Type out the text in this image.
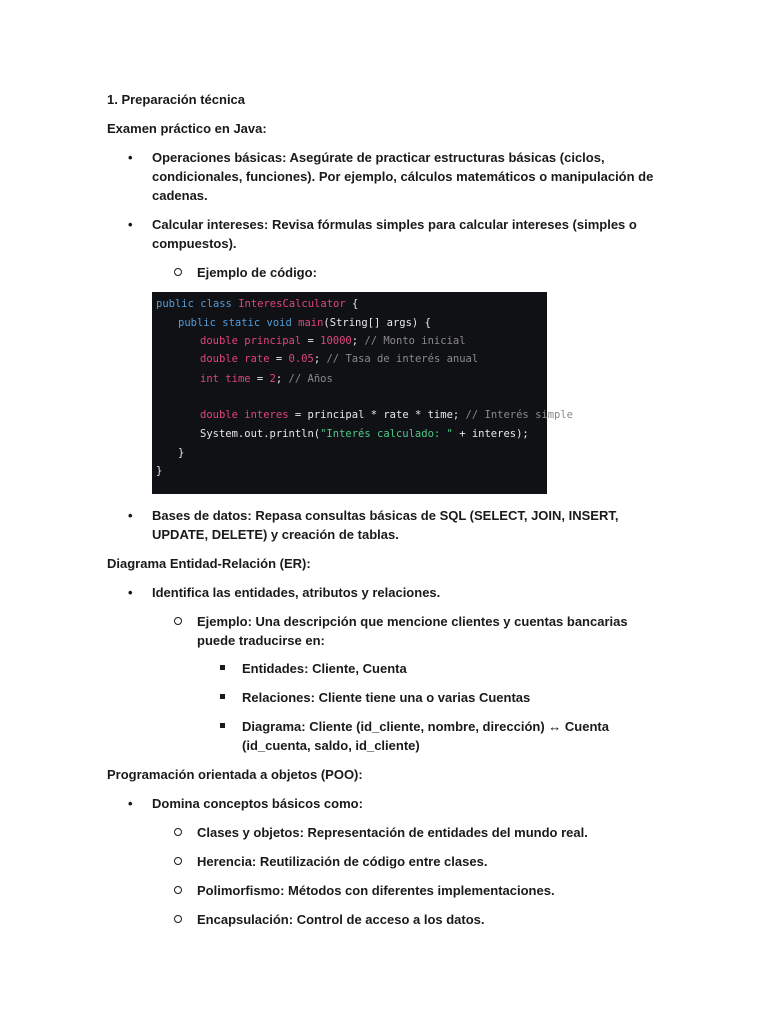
1. Preparación técnica
Examen práctico en Java:
•
Operaciones básicas: Asegúrate de practicar estructuras básicas (ciclos, condicionales, funciones). Por ejemplo, cálculos matemáticos o manipulación de cadenas.
•
Calcular intereses: Revisa fórmulas simples para calcular intereses (simples o compuestos).
Ejemplo de código:
public class InteresCalculator {
public static void main(String[] args) {
double principal = 10000; // Monto inicial
double rate = 0.05; // Tasa de interés anual
int time = 2; // Años
double interes = principal * rate * time; // Interés simple
System.out.println("Interés calculado: " + interes);
}
}
•
Bases de datos: Repasa consultas básicas de SQL (SELECT, JOIN, INSERT, UPDATE, DELETE) y creación de tablas.
Diagrama Entidad-Relación (ER):
•
Identifica las entidades, atributos y relaciones.
Ejemplo: Una descripción que mencione clientes y cuentas bancarias puede traducirse en:
Entidades: Cliente, Cuenta
Relaciones: Cliente tiene una o varias Cuentas
Diagrama: Cliente (id_cliente, nombre, dirección) ↔ Cuenta (id_cuenta, saldo, id_cliente)
Programación orientada a objetos (POO):
•
Domina conceptos básicos como:
Clases y objetos: Representación de entidades del mundo real.
Herencia: Reutilización de código entre clases.
Polimorfismo: Métodos con diferentes implementaciones.
Encapsulación: Control de acceso a los datos.
